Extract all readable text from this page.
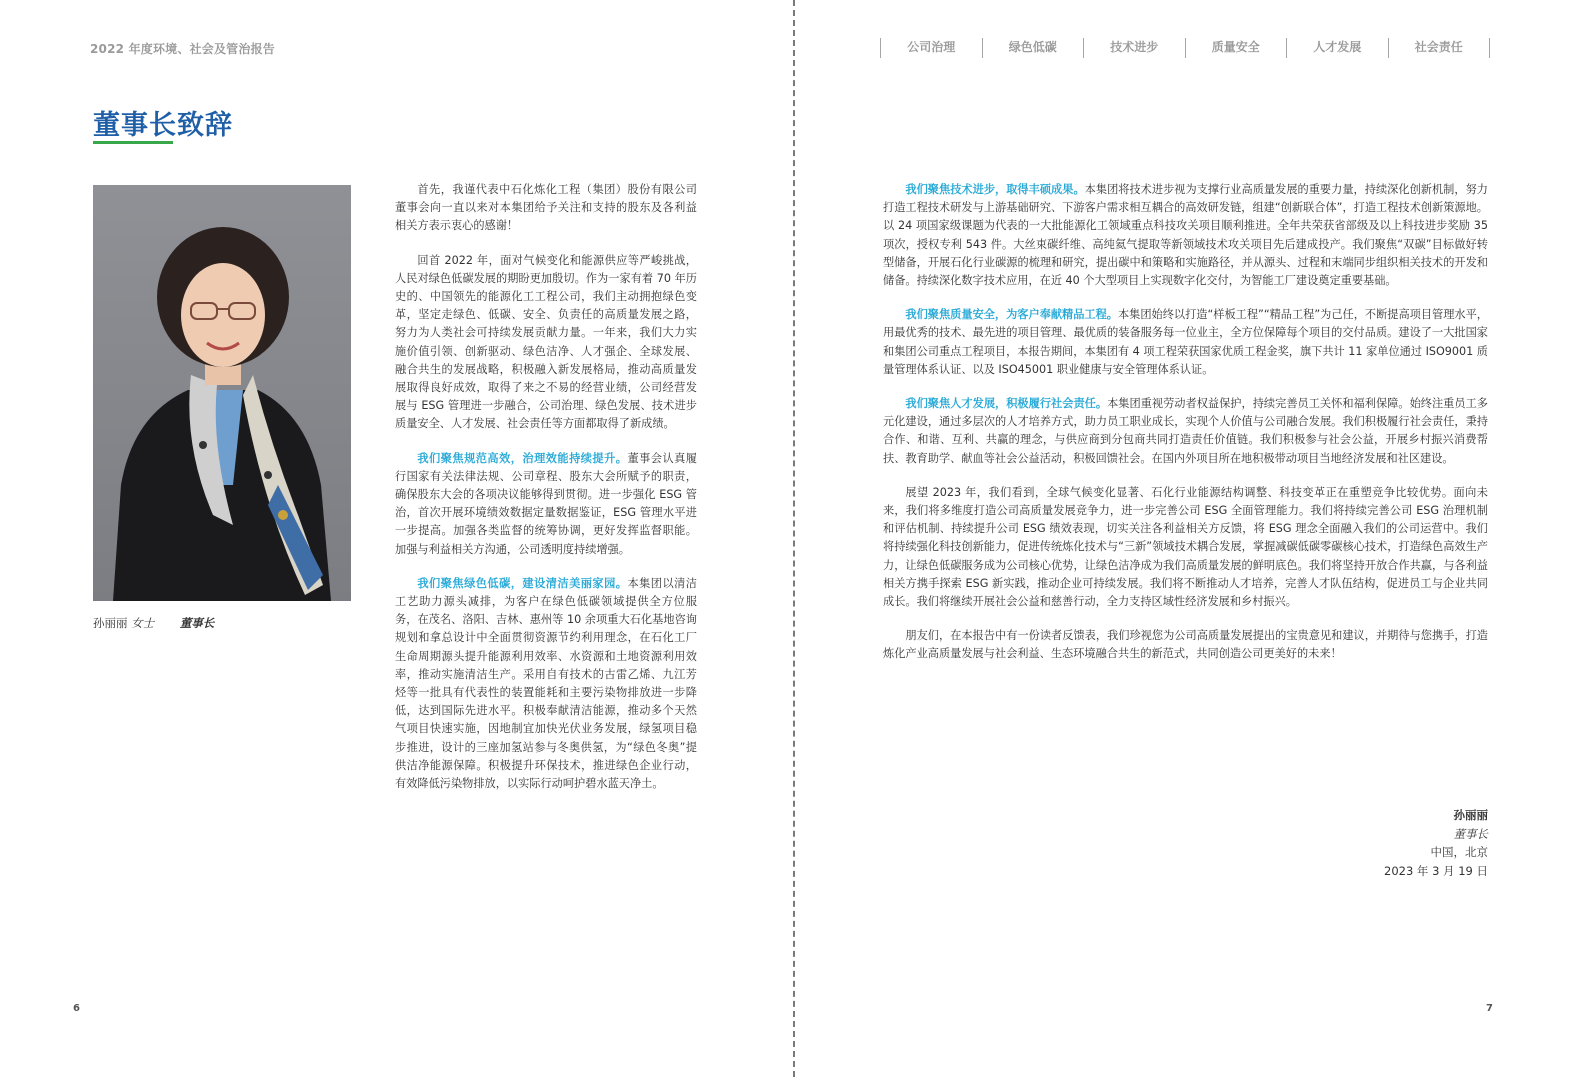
2022 年度环境、社会及管治报告	公司治理	绿色低碳	技术进步	质量安全	人才发展	社会责任
董事长致辞
孙丽丽 女士 董事长

首先，我谨代表中石化炼化工程（集团）股份有限公司董事会向一直以来对本集团给予关注和支持的股东及各利益相关方表示衷心的感谢！

回首 2022 年，面对气候变化和能源供应等严峻挑战，人民对绿色低碳发展的期盼更加殷切。作为一家有着 70 年历史的、中国领先的能源化工工程公司，我们主动拥抱绿色变革，坚定走绿色、低碳、安全、负责任的高质量发展之路，努力为人类社会可持续发展贡献力量。一年来，我们大力实施价值引领、创新驱动、绿色洁净、人才强企、全球发展、融合共生的发展战略，积极融入新发展格局，推动高质量发展取得良好成效，取得了来之不易的经营业绩，公司经营发展与 ESG 管理进一步融合，公司治理、绿色发展、技术进步质量安全、人才发展、社会责任等方面都取得了新成绩。

我们聚焦规范高效，治理效能持续提升。董事会认真履行国家有关法律法规、公司章程、股东大会所赋予的职责，确保股东大会的各项决议能够得到贯彻。进一步强化 ESG 管治，首次开展环境绩效数据定量数据鉴证，ESG 管理水平进一步提高。加强各类监督的统筹协调，更好发挥监督职能。加强与利益相关方沟通，公司透明度持续增强。

我们聚焦绿色低碳，建设清洁美丽家园。本集团以清洁工艺助力源头减排，为客户在绿色低碳领域提供全方位服务，在茂名、洛阳、吉林、惠州等 10 余项重大石化基地咨询规划和拿总设计中全面贯彻资源节约利用理念，在石化工厂生命周期源头提升能源利用效率、水资源和土地资源利用效率，推动实施清洁生产。采用自有技术的古雷乙烯、九江芳烃等一批具有代表性的装置能耗和主要污染物排放进一步降低，达到国际先进水平。积极奉献清洁能源，推动多个天然气项目快速实施，因地制宜加快光伏业务发展，绿氢项目稳步推进，设计的三座加氢站参与冬奥供氢，为“绿色冬奥”提供洁净能源保障。积极提升环保技术，推进绿色企业行动，有效降低污染物排放，以实际行动呵护碧水蓝天净土。

我们聚焦技术进步，取得丰硕成果。本集团将技术进步视为支撑行业高质量发展的重要力量，持续深化创新机制，努力打造工程技术研发与上游基础研究、下游客户需求相互耦合的高效研发链，组建“创新联合体”，打造工程技术创新策源地。以 24 项国家级课题为代表的一大批能源化工领域重点科技攻关项目顺利推进。全年共荣获省部级及以上科技进步奖励 35 项次，授权专利 543 件。大丝束碳纤维、高纯氦气提取等新领域技术攻关项目先后建成投产。我们聚焦“双碳”目标做好转型储备，开展石化行业碳源的梳理和研究，提出碳中和策略和实施路径，并从源头、过程和末端同步组织相关技术的开发和储备。持续深化数字技术应用，在近 40 个大型项目上实现数字化交付，为智能工厂建设奠定重要基础。

我们聚焦质量安全，为客户奉献精品工程。本集团始终以打造“样板工程”“精品工程”为己任，不断提高项目管理水平，用最优秀的技术、最先进的项目管理、最优质的装备服务每一位业主，全方位保障每个项目的交付品质。建设了一大批国家和集团公司重点工程项目，本报告期间，本集团有 4 项工程荣获国家优质工程金奖，旗下共计 11 家单位通过 ISO9001 质量管理体系认证、以及 ISO45001 职业健康与安全管理体系认证。

我们聚焦人才发展，积极履行社会责任。本集团重视劳动者权益保护，持续完善员工关怀和福利保障。始终注重员工多元化建设，通过多层次的人才培养方式，助力员工职业成长，实现个人价值与公司融合发展。我们积极履行社会责任，秉持合作、和谐、互利、共赢的理念，与供应商到分包商共同打造责任价值链。我们积极参与社会公益，开展乡村振兴消费帮扶、教育助学、献血等社会公益活动，积极回馈社会。在国内外项目所在地积极带动项目当地经济发展和社区建设。

展望 2023 年，我们看到，全球气候变化显著、石化行业能源结构调整、科技变革正在重塑竞争比较优势。面向未来，我们将多维度打造公司高质量发展竞争力，进一步完善公司 ESG 全面管理能力。我们将持续完善公司 ESG 治理机制和评估机制、持续提升公司 ESG 绩效表现，切实关注各利益相关方反馈，将 ESG 理念全面融入我们的公司运营中。我们将持续强化科技创新能力，促进传统炼化技术与“三新”领域技术耦合发展，掌握减碳低碳零碳核心技术，打造绿色高效生产力，让绿色低碳服务成为公司核心优势，让绿色洁净成为我们高质量发展的鲜明底色。我们将坚持开放合作共赢，与各利益相关方携手探索 ESG 新实践，推动企业可持续发展。我们将不断推动人才培养，完善人才队伍结构，促进员工与企业共同成长。我们将继续开展社会公益和慈善行动，全力支持区域性经济发展和乡村振兴。

朋友们，在本报告中有一份读者反馈表，我们珍视您为公司高质量发展提出的宝贵意见和建议，并期待与您携手，打造炼化产业高质量发展与社会利益、生态环境融合共生的新范式，共同创造公司更美好的未来！

孙丽丽
董事长
中国，北京
2023 年 3 月 19 日
6	7
